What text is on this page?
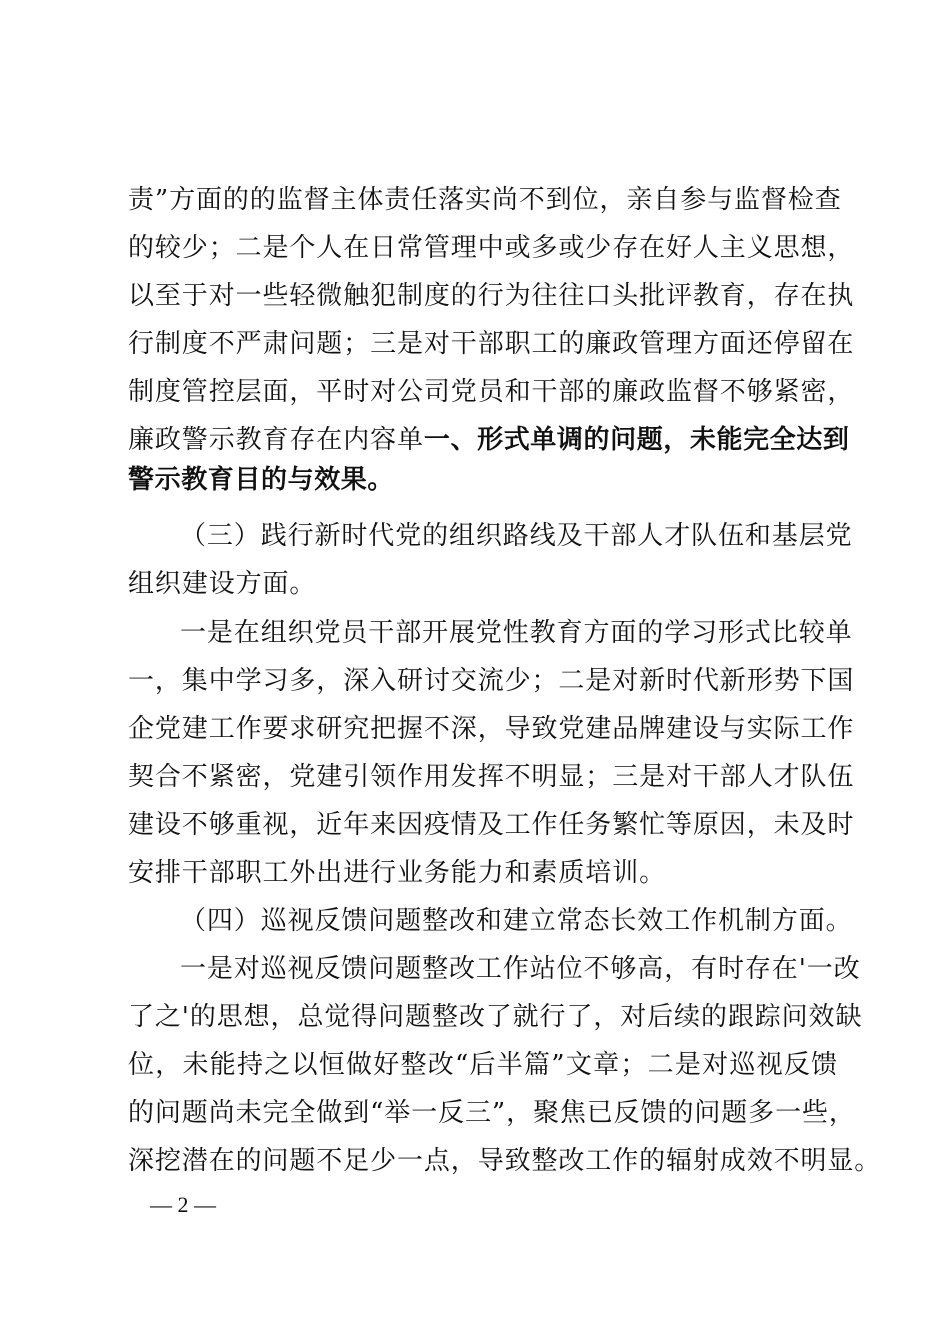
责”方面的的监督主体责任落实尚不到位，亲自参与监督检查
的较少；二是个人在日常管理中或多或少存在好人主义思想，
以至于对一些轻微触犯制度的行为往往口头批评教育，存在执
行制度不严肃问题；三是对干部职工的廉政管理方面还停留在
制度管控层面，平时对公司党员和干部的廉政监督不够紧密，
廉政警示教育存在内容单一、形式单调的问题，未能完全达到
警示教育目的与效果。
（三）践行新时代党的组织路线及干部人才队伍和基层党
组织建设方面。
一是在组织党员干部开展党性教育方面的学习形式比较单
一，集中学习多，深入研讨交流少；二是对新时代新形势下国
企党建工作要求研究把握不深，导致党建品牌建设与实际工作
契合不紧密，党建引领作用发挥不明显；三是对干部人才队伍
建设不够重视，近年来因疫情及工作任务繁忙等原因，未及时
安排干部职工外出进行业务能力和素质培训。
（四）巡视反馈问题整改和建立常态长效工作机制方面。
一是对巡视反馈问题整改工作站位不够高，有时存在'一改
了之'的思想，总觉得问题整改了就行了，对后续的跟踪问效缺
位，未能持之以恒做好整改“后半篇”文章；二是对巡视反馈
的问题尚未完全做到“举一反三”，聚焦已反馈的问题多一些，
深挖潜在的问题不足少一点，导致整改工作的辐射成效不明显。
— 2 —
